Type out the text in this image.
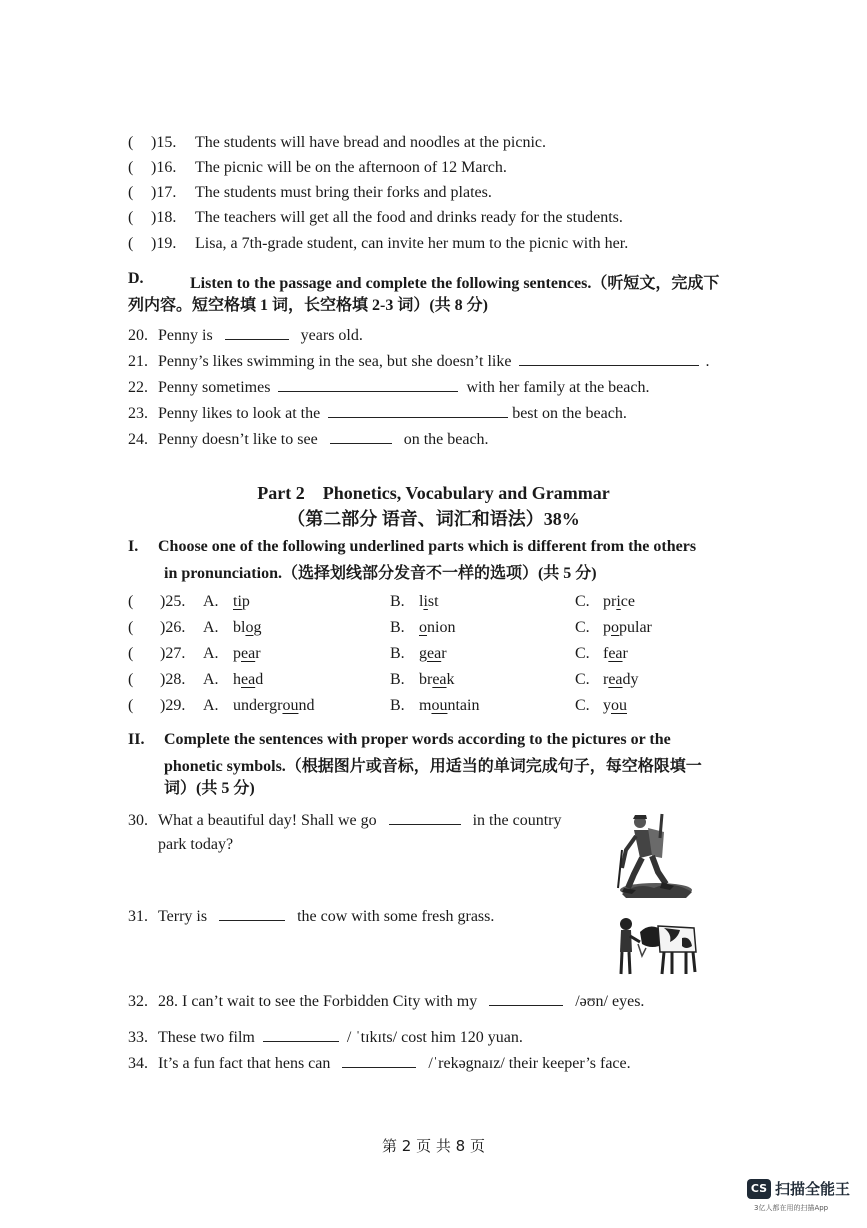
( )15. The students will have bread and noodles at the picnic.
( )16. The picnic will be on the afternoon of 12 March.
( )17. The students must bring their forks and plates.
( )18. The teachers will get all the food and drinks ready for the students.
( )19. Lisa, a 7th-grade student, can invite her mum to the picnic with her.
D.	Listen to the passage and complete the following sentences.（听短文，完成下
列内容。短空格填 1 词，长空格填 2-3 词）(共 8 分)
20. Penny is	years old.
21. Penny’s likes swimming in the sea, but she doesn’t like	.
22. Penny sometimes	with her family at the beach.
23. Penny likes to look at the	best on the beach.
24. Penny doesn’t like to see	on the beach.
Part 2　Phonetics, Vocabulary and Grammar
（第二部分 语音、词汇和语法）38%
I. Choose one of the following underlined parts which is different from the others
in pronunciation.（选择划线部分发音不一样的选项）(共 5 分)
( )25. A. tip	B. list	C. price
( )26. A. blog	B. onion	C. popular
( )27. A. pear	B. gear	C. fear
( )28. A. head	B. break	C. ready
( )29. A. underground	B. mountain	C. you
II. Complete the sentences with proper words according to the pictures or the
phonetic symbols.（根据图片或音标，用适当的单词完成句子，每空格限填一
词）(共 5 分)
30. What a beautiful day! Shall we go	in the country
park today?
31. Terry is	the cow with some fresh grass.
32. 28. I can’t wait to see the Forbidden City with my	/əʊn/ eyes.
33. These two film	/ ˈtɪkɪts/ cost him 120 yuan.
34. It’s a fun fact that hens can	/ˈrekəgnaɪz/ their keeper’s face.
第 2 页 共 8 页
CS 扫描全能王
3亿人都在用的扫描App
